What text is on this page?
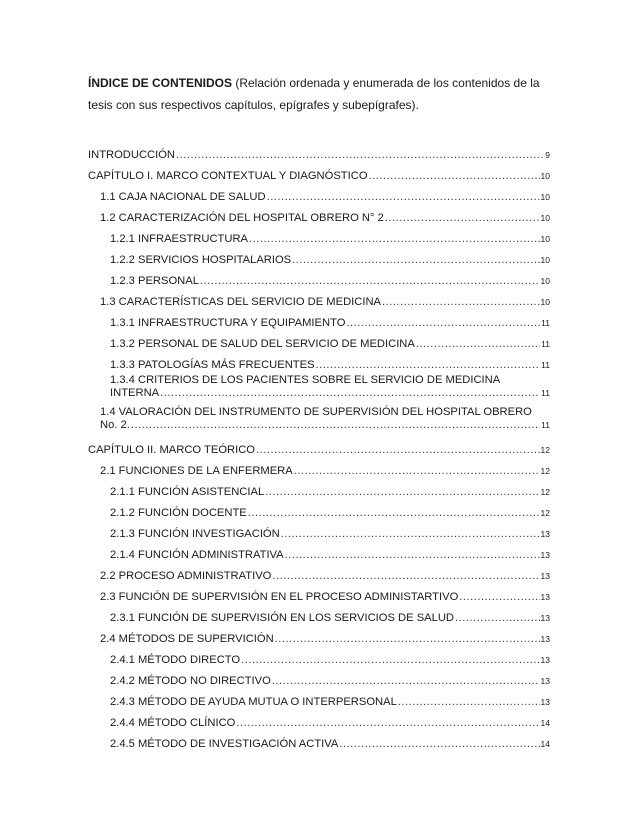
ÍNDICE DE CONTENIDOS (Relación ordenada y enumerada de los contenidos de la tesis con sus respectivos capítulos, epígrafes y subepígrafes).
INTRODUCCIÓN .....	9
CAPÍTULO I. MARCO CONTEXTUAL Y DIAGNÓSTICO .....	10
1.1 CAJA NACIONAL DE SALUD .....	10
1.2 CARACTERIZACIÓN DEL HOSPITAL OBRERO N° 2 .....	10
1.2.1 INFRAESTRUCTURA .....	10
1.2.2 SERVICIOS HOSPITALARIOS .....	10
1.2.3 PERSONAL .....	10
1.3 CARACTERÍSTICAS DEL SERVICIO DE MEDICINA .....	10
1.3.1 INFRAESTRUCTURA Y EQUIPAMIENTO .....	11
1.3.2 PERSONAL DE SALUD DEL SERVICIO DE MEDICINA .....	11
1.3.3 PATOLOGÍAS MÁS FRECUENTES .....	11
1.3.4 CRITERIOS DE LOS PACIENTES SOBRE EL SERVICIO DE MEDICINA
INTERNA .....	11
1.4 VALORACIÓN DEL INSTRUMENTO DE SUPERVISIÓN DEL HOSPITAL OBRERO
No. 2. .....	11
CAPÍTULO II. MARCO TEÓRICO .....	12
2.1 FUNCIONES DE LA ENFERMERA .....	12
2.1.1 FUNCIÓN ASISTENCIAL .....	12
2.1.2 FUNCIÓN DOCENTE .....	12
2.1.3 FUNCIÓN INVESTIGACIÓN .....	13
2.1.4 FUNCIÓN ADMINISTRATIVA .....	13
2.2 PROCESO ADMINISTRATIVO .....	13
2.3 FUNCIÓN DE SUPERVISIÓN EN EL PROCESO ADMINISTARTIVO .....	13
2.3.1 FUNCIÓN DE SUPERVISIÓN EN LOS SERVICIOS DE SALUD .....	13
2.4 MÉTODOS DE SUPERVICIÓN .....	13
2.4.1 MÉTODO DIRECTO .....	13
2.4.2 MÉTODO NO DIRECTIVO .....	13
2.4.3 MÉTODO DE AYUDA MUTUA O INTERPERSONAL .....	13
2.4.4 MÉTODO CLÍNICO .....	14
2.4.5 MÉTODO DE INVESTIGACIÓN ACTIVA .....	14
